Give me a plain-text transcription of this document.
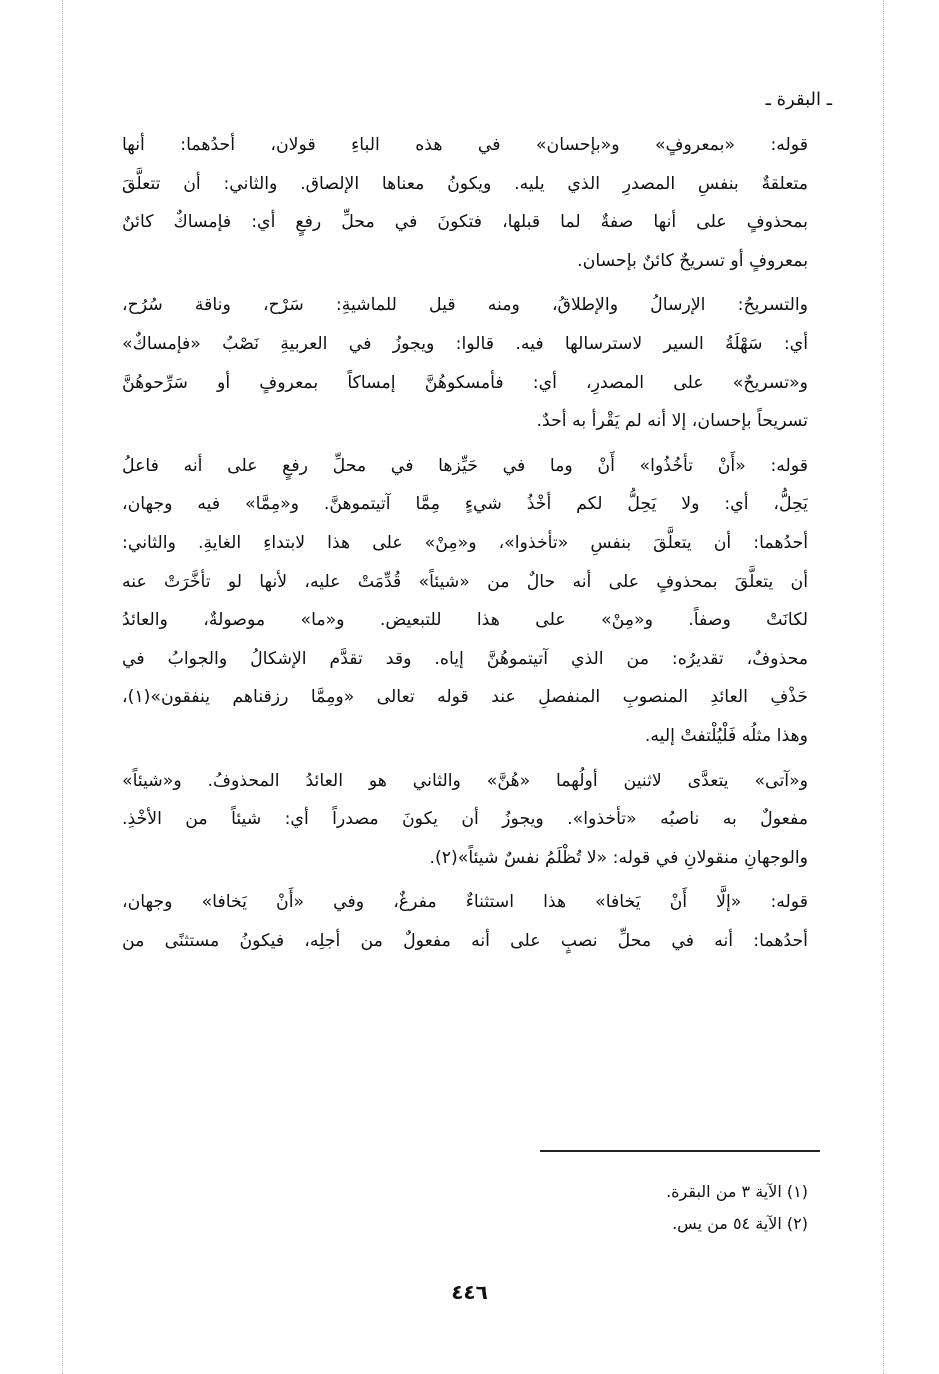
ـ البقرة ـ
قوله: «بمعروفٍ» و«بإحسان» في هذه الباءِ قولان، أحدُهما: أنها
متعلقةٌ بنفسِ المصدرِ الذي يليه. ويكونُ معناها الإلصاق. والثاني: أن تتعلَّقَ
بمحذوفٍ على أنها صفةٌ لما قبلها، فتكونَ في محلِّ رفعٍ أي: فإمساكٌ كائنٌ
بمعروفٍ أو تسريحٌ كائنٌ بإحسان.
والتسريحُ: الإرسالُ والإطلاقُ، ومنه قيل للماشيةِ: سَرْح، وناقة سُرُح،
أي: سَهْلَةُ السير لاسترسالها فيه. قالوا: ويجوزُ في العربيةِ نَصْبُ «فإمساكٌ»
و«تسريحٌ» على المصدرِ، أي: فأمسكوهُنَّ إمساكاً بمعروفٍ أو سَرِّحوهُنَّ
تسريحاً بإحسان، إلا أنه لم يَقْرأ به أحدٌ.
قوله: «أَنْ تأخُذُوا» أَنْ وما في حَيِّزها في محلِّ رفعٍ على أنه فاعلُ
يَحِلُّ، أي: ولا يَحِلُّ لكم أخْذُ شيءٍ مِمَّا آتيتموهنَّ. و«مِمَّا» فيه وجهان،
أحدُهما: أن يتعلَّقَ بنفسِ «تأخذوا»، و«مِنْ» على هذا لابتداءِ الغايةِ. والثاني:
أن يتعلَّقَ بمحذوفٍ على أنه حالٌ من «شيئاً» قُدِّمَتْ عليه، لأنها لو تأخَّرَتْ عنه
لكانَتْ وصفاً. و«مِنْ» على هذا للتبعيض. و«ما» موصولةٌ، والعائدُ
محذوفٌ، تقديرُه: من الذي آتيتموهُنَّ إياه. وقد تقدَّم الإشكالُ والجوابُ في
حَذْفِ العائدِ المنصوبِ المنفصلِ عند قوله تعالى «ومِمَّا رزقناهم ينفقون»(١)،
وهذا مثلُه فَلْيُلْتفتْ إليه.
و«آتى» يتعدَّى لاثنين أولُهما «هُنَّ» والثاني هو العائدُ المحذوفُ. و«شيئاً»
مفعولٌ به ناصبُه «تأخذوا». ويجوزُ أن يكونَ مصدراً أي: شيئاً من الأخْذِ.
والوجهانِ منقولانِ في قوله: «لا تُظْلَمُ نفسٌ شيئاً»(٢).
قوله: «إلَّا أَنْ يَخافا» هذا استثناءٌ مفرغٌ، وفي «أَنْ يَخافا» وجهان،
أحدُهما: أنه في محلِّ نصبٍ على أنه مفعولٌ من أجلِه، فيكونُ مستثنًى من
(١) الآية ٣ من البقرة.
(٢) الآية ٥٤ من يس.
٤٤٦
